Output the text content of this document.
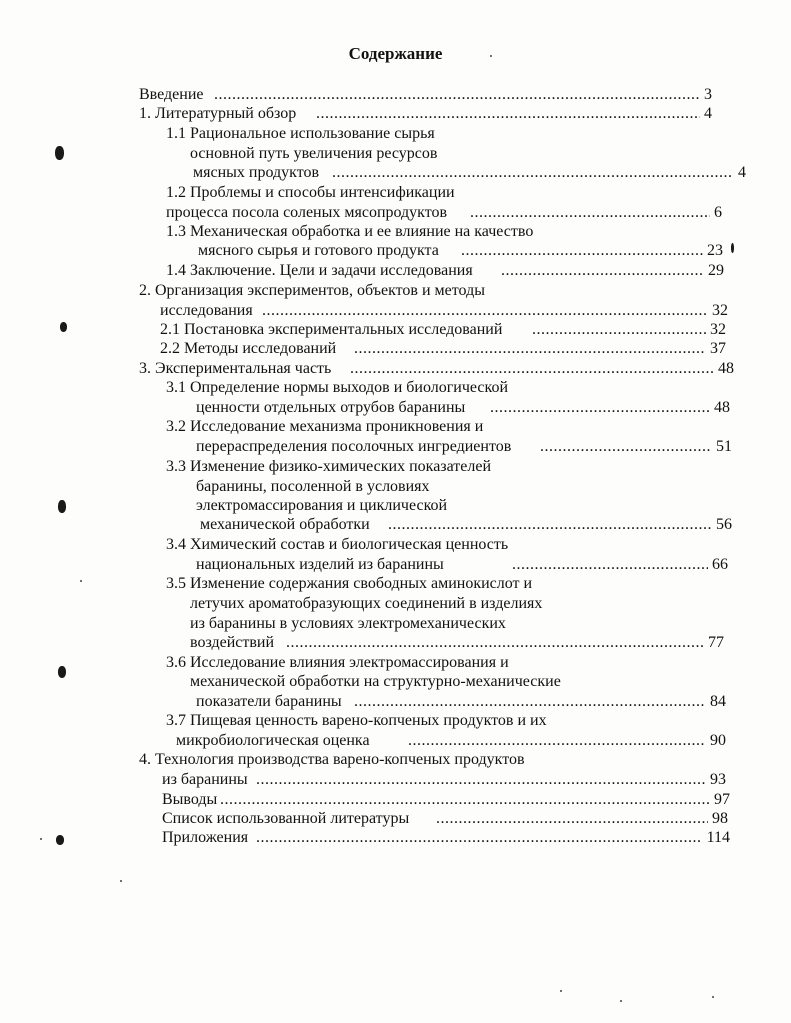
Содержание
Введение .....	3
1. Литературный обзор .....	4
1.1 Рациональное использование сырья
основной путь увеличения ресурсов
мясных продуктов .....	4
1.2 Проблемы и способы интенсификации
процесса посола соленых мясопродуктов .....	6
1.3 Механическая обработка и ее влияние на качество
мясного сырья и готового продукта .....	23
1.4 Заключение. Цели и задачи исследования .....	29
2. Организация экспериментов, объектов и методы
исследования .....	32
2.1 Постановка экспериментальных исследований .....	32
2.2 Методы исследований .....	37
3. Экспериментальная часть .....	48
3.1 Определение нормы выходов и биологической
ценности отдельных отрубов баранины .....	48
3.2 Исследование механизма проникновения и
перераспределения посолочных ингредиентов .....	51
3.3 Изменение физико-химических показателей
баранины, посоленной в условиях
электромассирования и циклической
механической обработки .....	56
3.4 Химический состав и биологическая ценность
национальных изделий из баранины .....	66
3.5 Изменение содержания свободных аминокислот и
летучих ароматобразующих соединений в изделиях
из баранины в условиях электромеханических
воздействий .....	77
3.6 Исследование влияния электромассирования и
механической обработки на структурно-механические
показатели баранины .....	84
3.7 Пищевая ценность варено-копченых продуктов и их
микробиологическая оценка .....	90
4. Технология производства варено-копченых продуктов
из баранины .....	93
Выводы .....	97
Список использованной литературы .....	98
Приложения .....	114
